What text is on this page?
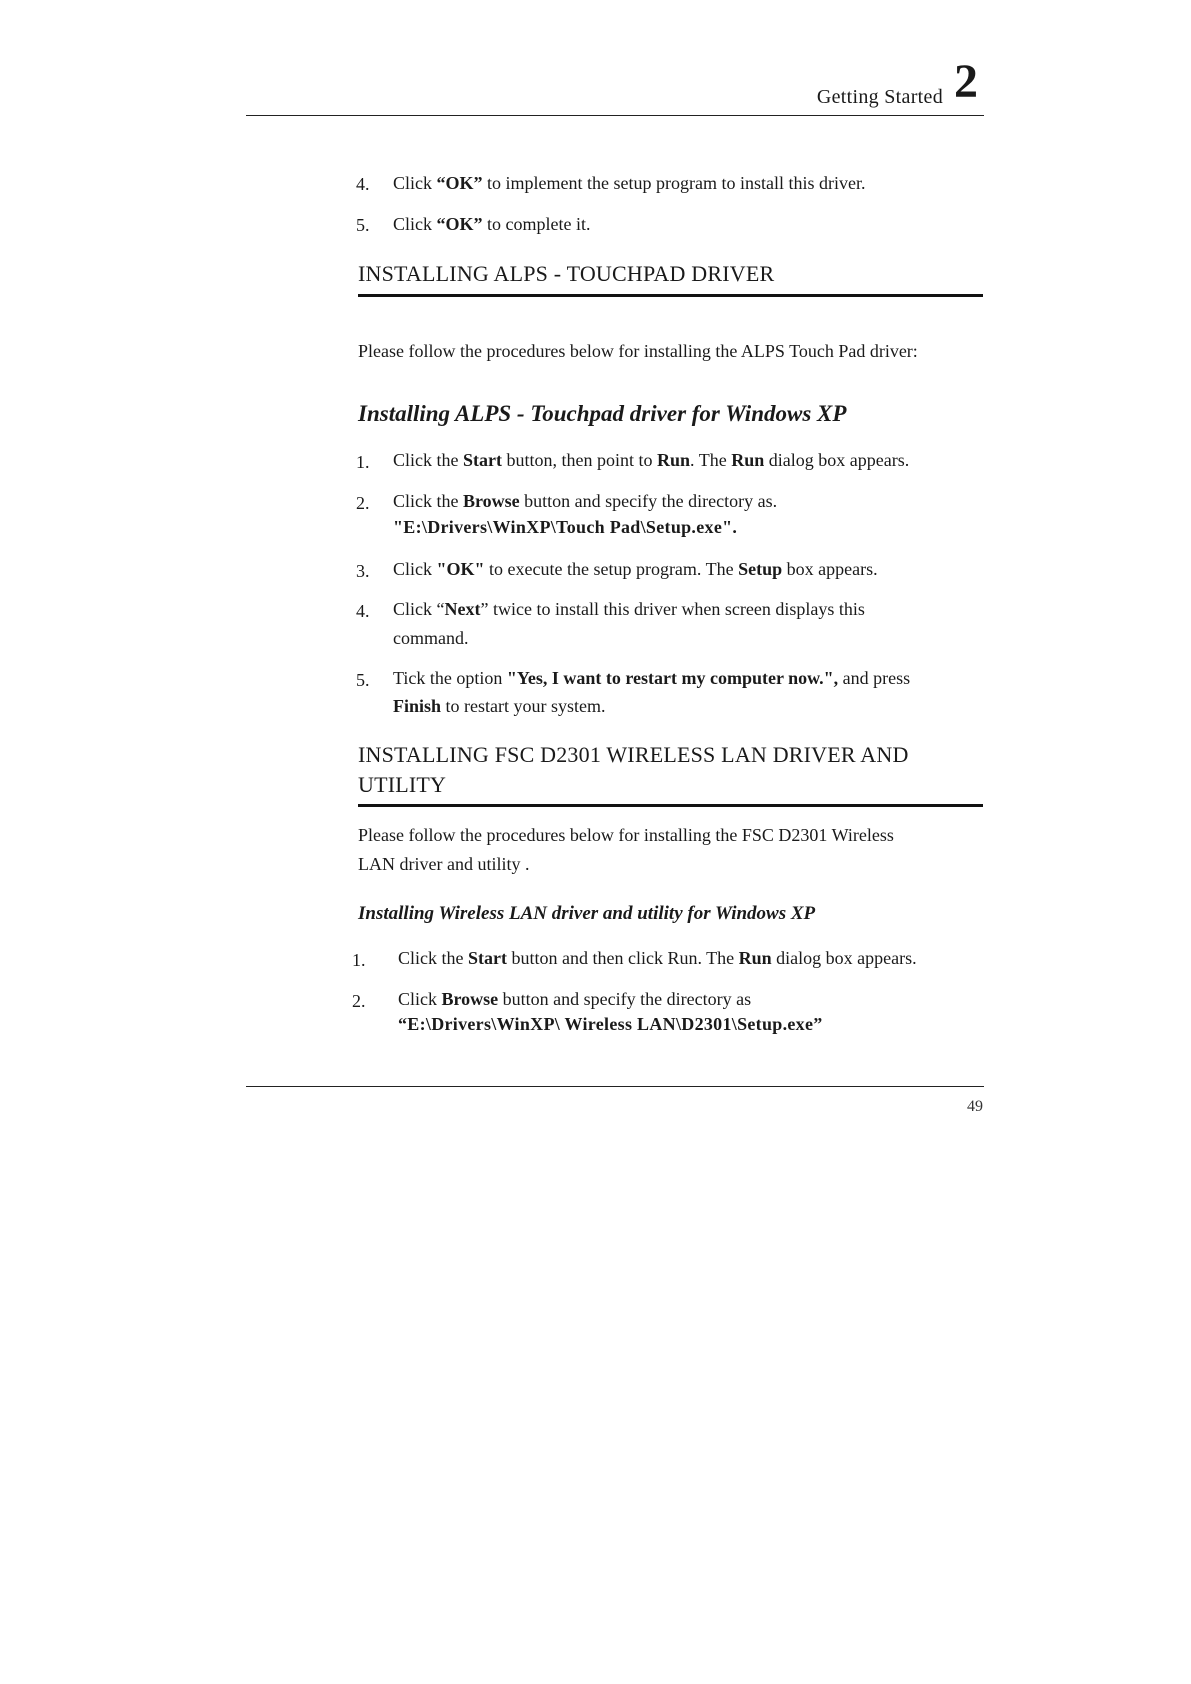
Getting Started 2
4. Click “OK” to implement the setup program to install this driver.
5. Click “OK” to complete it.
INSTALLING ALPS - TOUCHPAD DRIVER
Please follow the procedures below for installing the ALPS Touch Pad driver:
Installing ALPS - Touchpad driver for Windows XP
1. Click the Start button, then point to Run. The Run dialog box appears.
2. Click the Browse button and specify the directory as.
"E:\Drivers\WinXP\Touch Pad\Setup.exe".
3. Click "OK" to execute the setup program. The Setup box appears.
4. Click “Next” twice to install this driver when screen displays this
command.
5. Tick the option "Yes, I want to restart my computer now.", and press
Finish to restart your system.
INSTALLING FSC D2301 WIRELESS LAN DRIVER AND
UTILITY
Please follow the procedures below for installing the FSC D2301 Wireless
LAN driver and utility .
Installing Wireless LAN driver and utility for Windows XP
1. Click the Start button and then click Run. The Run dialog box appears.
2. Click Browse button and specify the directory as
“E:\Drivers\WinXP\ Wireless LAN\D2301\Setup.exe”
49
